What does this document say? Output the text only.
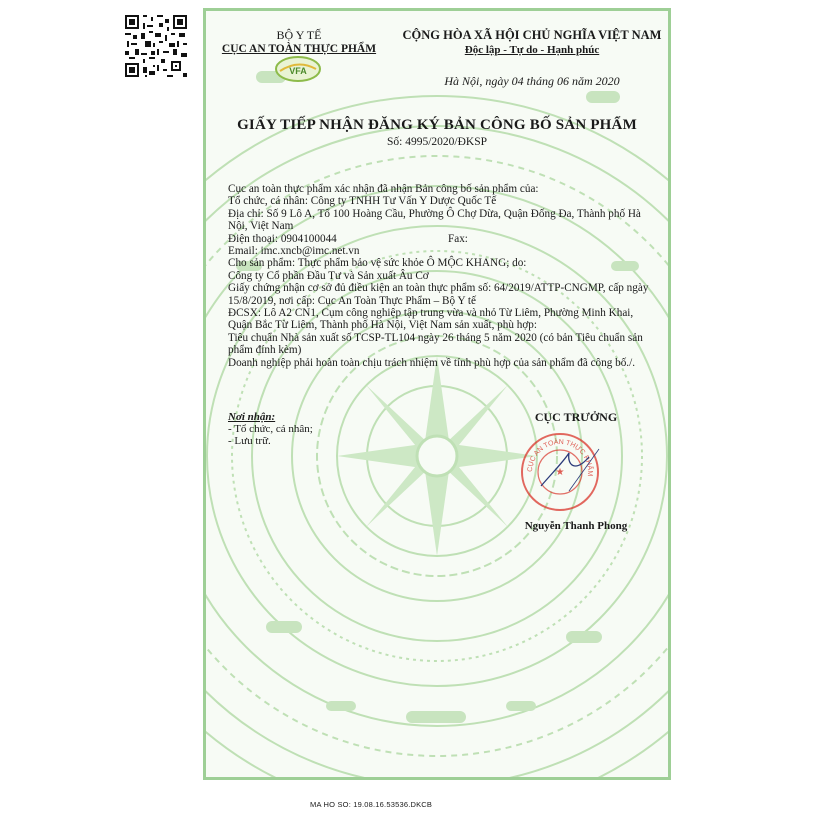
BỘ Y TẾ
CỤC AN TOÀN THỰC PHẨM
VFA
CỘNG HÒA XÃ HỘI CHỦ NGHĨA VIỆT NAM
Độc lập - Tự do - Hạnh phúc
Hà Nội, ngày 04 tháng 06 năm 2020
GIẤY TIẾP NHẬN ĐĂNG KÝ BẢN CÔNG BỐ SẢN PHẨM
Số: 4995/2020/ĐKSP

Cục an toàn thực phẩm xác nhận đã nhận Bản công bố sản phẩm của:

Tổ chức, cá nhân: Công ty TNHH Tư Vấn Y Dược Quốc Tế

Địa chỉ: Số 9 Lô A, Tổ 100 Hoàng Cầu, Phường Ô Chợ Dừa, Quận Đống Đa, Thành phố Hà Nội, Việt Nam

Điện thoại: 0904100044	Fax:

Email: imc.xncb@imc.net.vn

Cho sản phẩm: Thực phẩm bảo vệ sức khỏe Ô MỘC KHANG; do:

Công ty Cổ phần Đầu Tư và Sản xuất Âu Cơ

Giấy chứng nhận cơ sở đủ điều kiện an toàn thực phẩm số: 64/2019/ATTP-CNGMP, cấp ngày 15/8/2019, nơi cấp: Cục An Toàn Thực Phẩm – Bộ Y tế

ĐCSX: Lô A2 CN1, Cụm công nghiệp tập trung vừa và nhỏ Từ Liêm, Phường Minh Khai, Quận Bắc Từ Liêm, Thành phố Hà Nội, Việt Nam sản xuất, phù hợp:

Tiêu chuẩn Nhà sản xuất số TCSP-TL104 ngày 26 tháng 5 năm 2020 (có bản Tiêu chuẩn sản phẩm đính kèm)

Doanh nghiệp phải hoàn toàn chịu trách nhiệm về tính phù hợp của sản phẩm đã công bố./.

Nơi nhận:
- Tổ chức, cá nhân;
- Lưu trữ.
CỤC TRƯỞNG
CỤC AN TOÀN THỰC PHẨM
★
Nguyễn Thanh Phong
MA HO SO: 19.08.16.53536.DKCB
